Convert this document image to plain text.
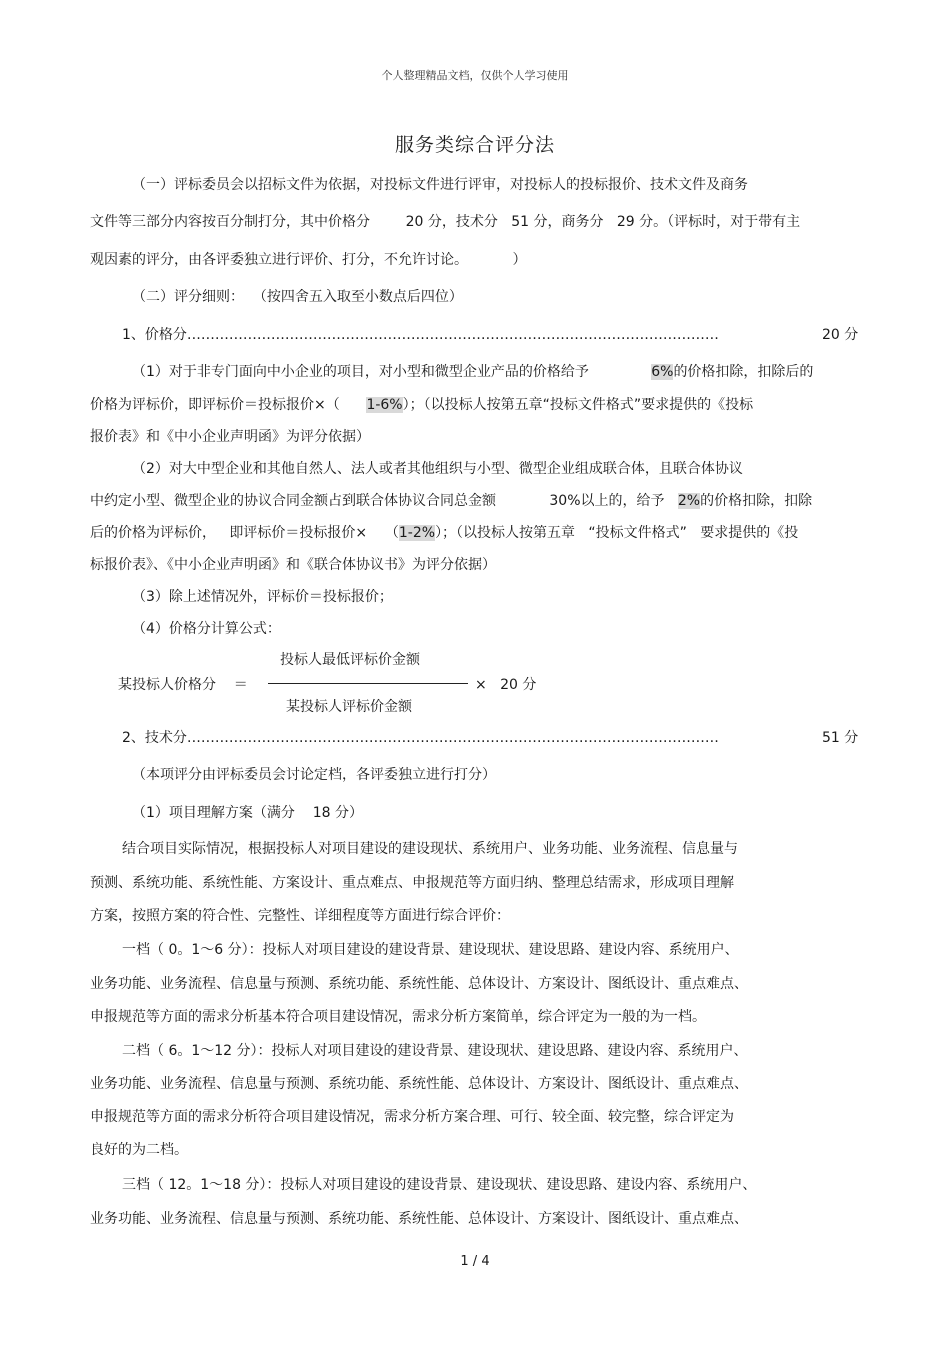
个人整理精品文档，仅供个人学习使用
服务类综合评分法
（一）评标委员会以招标文件为依据，对投标文件进行评审，对投标人的投标报价、技术文件及商务
文件等三部分内容按百分制打分，其中价格分        20 分，技术分   51 分，商务分   29 分。（评标时，对于带有主
观因素的评分，由各评委独立进行评价、打分，不允许讨论。          ）
（二）评分细则：  （按四舍五入取至小数点后四位）
1、价格分……………………………………………………………………………………………………	20 分
（1）对于非专门面向中小企业的项目，对小型和微型企业产品的价格给予              6%的价格扣除，扣除后的
价格为评标价，即评标价＝投标报价×（      1-6%）；（以投标人按第五章“投标文件格式”要求提供的《投标
报价表》和《中小企业声明函》为评分依据）
（2）对大中型企业和其他自然人、法人或者其他组织与小型、微型企业组成联合体，且联合体协议
中约定小型、微型企业的协议合同金额占到联合体协议合同总金额            30%以上的，给予   2%的价格扣除，扣除
后的价格为评标价，   即评标价＝投标报价×    （1-2%）；（以投标人按第五章   “投标文件格式”   要求提供的《投
标报价表》、《中小企业声明函》和《联合体协议书》为评分依据）
（3）除上述情况外，评标价＝投标报价；
（4）价格分计算公式：
投标人最低评标价金额
某投标人价格分    ＝	×   20 分
某投标人评标价金额
2、技术分……………………………………………………………………………………………………	51 分
（本项评分由评标委员会讨论定档，各评委独立进行打分）
（1）项目理解方案（满分    18 分）
结合项目实际情况，根据投标人对项目建设的建设现状、系统用户、业务功能、业务流程、信息量与
预测、系统功能、系统性能、方案设计、重点难点、申报规范等方面归纳、整理总结需求，形成项目理解
方案，按照方案的符合性、完整性、详细程度等方面进行综合评价：
一档（ 0。1～6 分）：投标人对项目建设的建设背景、建设现状、建设思路、建设内容、系统用户、
业务功能、业务流程、信息量与预测、系统功能、系统性能、总体设计、方案设计、图纸设计、重点难点、
申报规范等方面的需求分析基本符合项目建设情况，需求分析方案简单，综合评定为一般的为一档。
二档（ 6。1～12 分）：投标人对项目建设的建设背景、建设现状、建设思路、建设内容、系统用户、
业务功能、业务流程、信息量与预测、系统功能、系统性能、总体设计、方案设计、图纸设计、重点难点、
申报规范等方面的需求分析符合项目建设情况，需求分析方案合理、可行、较全面、较完整，综合评定为
良好的为二档。
三档（ 12。1～18 分）：投标人对项目建设的建设背景、建设现状、建设思路、建设内容、系统用户、
业务功能、业务流程、信息量与预测、系统功能、系统性能、总体设计、方案设计、图纸设计、重点难点、
1 / 4
